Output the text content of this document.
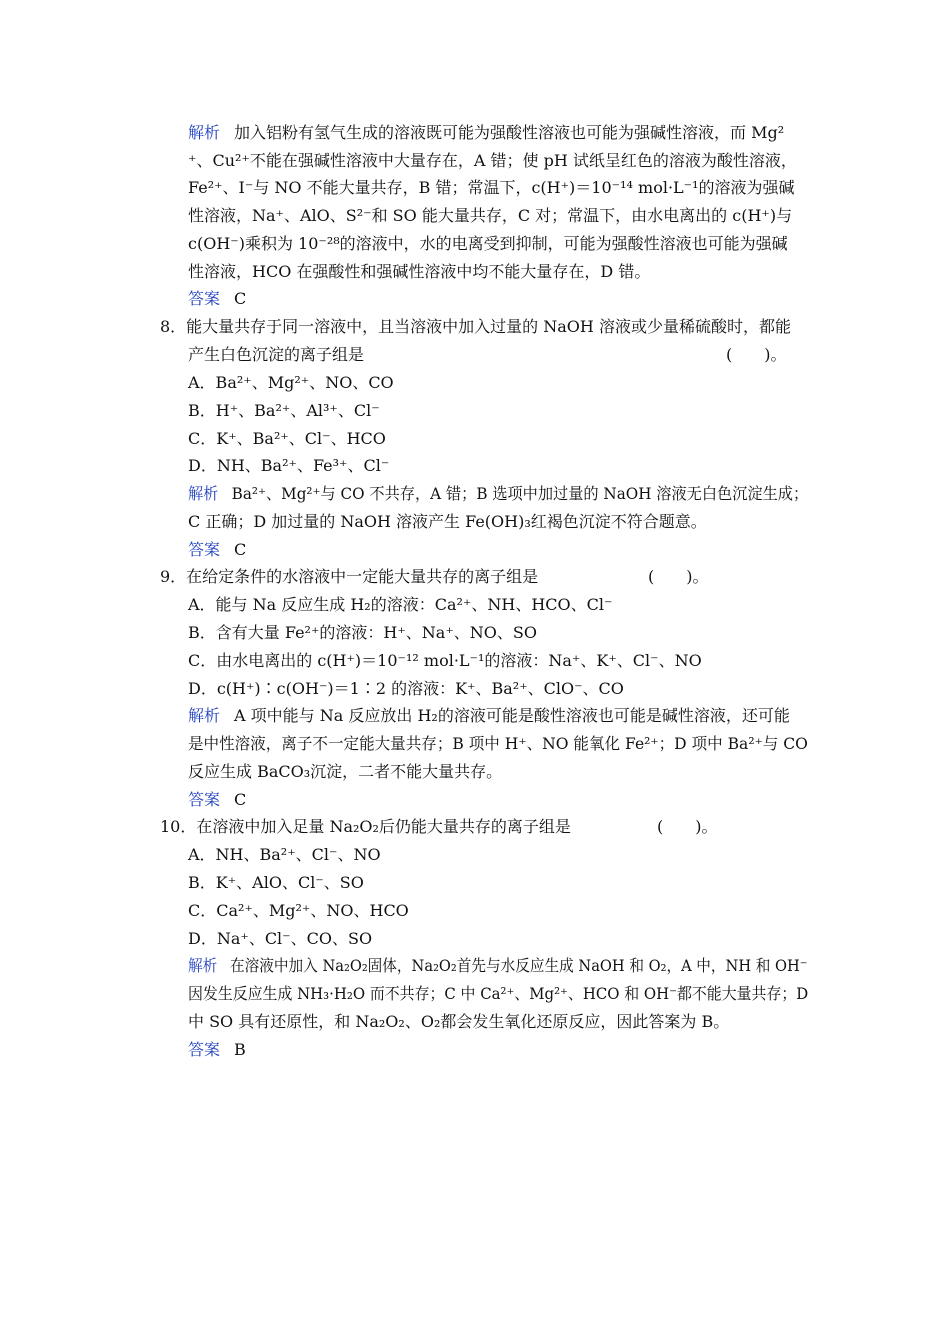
解析 加入铝粉有氢气生成的溶液既可能为强酸性溶液也可能为强碱性溶液，而 Mg²
⁺、Cu²⁺不能在强碱性溶液中大量存在，A 错；使 pH 试纸呈红色的溶液为酸性溶液，
Fe²⁺、I⁻与 NO 不能大量共存，B 错；常温下，c(H⁺)＝10⁻¹⁴ mol·L⁻¹的溶液为强碱
性溶液，Na⁺、AlO、S²⁻和 SO 能大量共存，C 对；常温下，由水电离出的 c(H⁺)与
c(OH⁻)乘积为 10⁻²⁸的溶液中，水的电离受到抑制，可能为强酸性溶液也可能为强碱
性溶液，HCO 在强酸性和强碱性溶液中均不能大量存在，D 错。
答案 C
8．能大量共存于同一溶液中，且当溶液中加入过量的 NaOH 溶液或少量稀硫酸时，都能
产生白色沉淀的离子组是	(　　)。
A．Ba²⁺、Mg²⁺、NO、CO
B．H⁺、Ba²⁺、Al³⁺、Cl⁻
C．K⁺、Ba²⁺、Cl⁻、HCO
D．NH、Ba²⁺、Fe³⁺、Cl⁻
解析 Ba²⁺、Mg²⁺与 CO 不共存，A 错；B 选项中加过量的 NaOH 溶液无白色沉淀生成；
C 正确；D 加过量的 NaOH 溶液产生 Fe(OH)₃红褐色沉淀不符合题意。
答案 C
9．在给定条件的水溶液中一定能大量共存的离子组是	(　　)。
A．能与 Na 反应生成 H₂的溶液：Ca²⁺、NH、HCO、Cl⁻
B．含有大量 Fe²⁺的溶液：H⁺、Na⁺、NO、SO
C．由水电离出的 c(H⁺)＝10⁻¹² mol·L⁻¹的溶液：Na⁺、K⁺、Cl⁻、NO
D．c(H⁺)∶c(OH⁻)＝1∶2 的溶液：K⁺、Ba²⁺、ClO⁻、CO
解析 A 项中能与 Na 反应放出 H₂的溶液可能是酸性溶液也可能是碱性溶液，还可能
是中性溶液，离子不一定能大量共存；B 项中 H⁺、NO 能氧化 Fe²⁺；D 项中 Ba²⁺与 CO
反应生成 BaCO₃沉淀，二者不能大量共存。
答案 C
10．在溶液中加入足量 Na₂O₂后仍能大量共存的离子组是	(　　)。
A．NH、Ba²⁺、Cl⁻、NO
B．K⁺、AlO、Cl⁻、SO
C．Ca²⁺、Mg²⁺、NO、HCO
D．Na⁺、Cl⁻、CO、SO
解析 在溶液中加入 Na₂O₂固体，Na₂O₂首先与水反应生成 NaOH 和 O₂，A 中，NH 和 OH⁻
因发生反应生成 NH₃·H₂O 而不共存；C 中 Ca²⁺、Mg²⁺、HCO 和 OH⁻都不能大量共存；D
中 SO 具有还原性，和 Na₂O₂、O₂都会发生氧化还原反应，因此答案为 B。
答案 B
